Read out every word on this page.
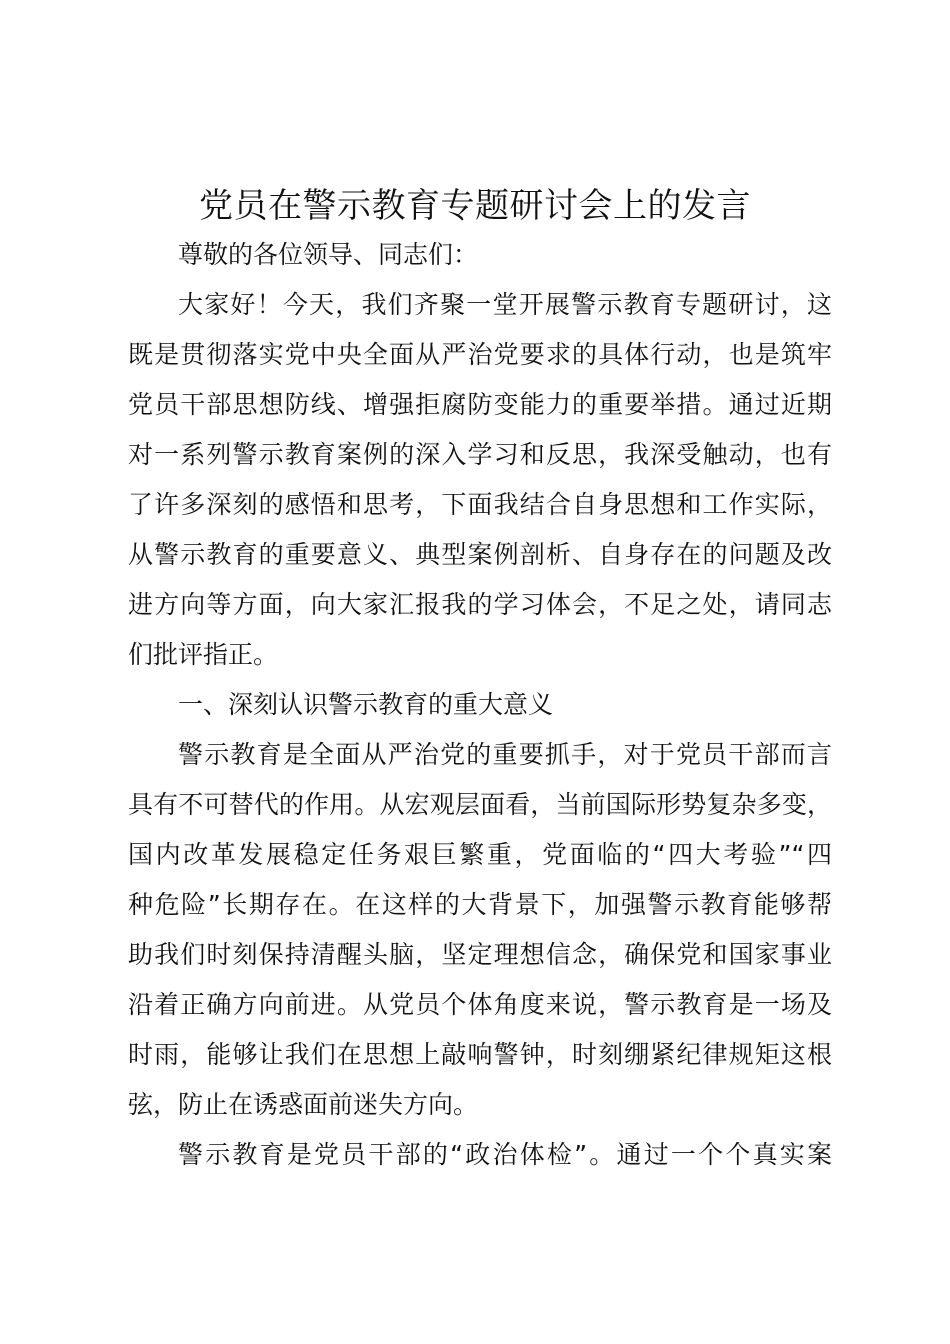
党员在警示教育专题研讨会上的发言
尊敬的各位领导、同志们：
大家好！今天，我们齐聚一堂开展警示教育专题研讨，这
既是贯彻落实党中央全面从严治党要求的具体行动，也是筑牢
党员干部思想防线、增强拒腐防变能力的重要举措。通过近期
对一系列警示教育案例的深入学习和反思，我深受触动，也有
了许多深刻的感悟和思考，下面我结合自身思想和工作实际，
从警示教育的重要意义、典型案例剖析、自身存在的问题及改
进方向等方面，向大家汇报我的学习体会，不足之处，请同志
们批评指正。
一、深刻认识警示教育的重大意义
警示教育是全面从严治党的重要抓手，对于党员干部而言
具有不可替代的作用。从宏观层面看，当前国际形势复杂多变，
国内改革发展稳定任务艰巨繁重，党面临的“四大考验”“四
种危险”长期存在。在这样的大背景下，加强警示教育能够帮
助我们时刻保持清醒头脑，坚定理想信念，确保党和国家事业
沿着正确方向前进。从党员个体角度来说，警示教育是一场及
时雨，能够让我们在思想上敲响警钟，时刻绷紧纪律规矩这根
弦，防止在诱惑面前迷失方向。
警示教育是党员干部的“政治体检”。通过一个个真实案
